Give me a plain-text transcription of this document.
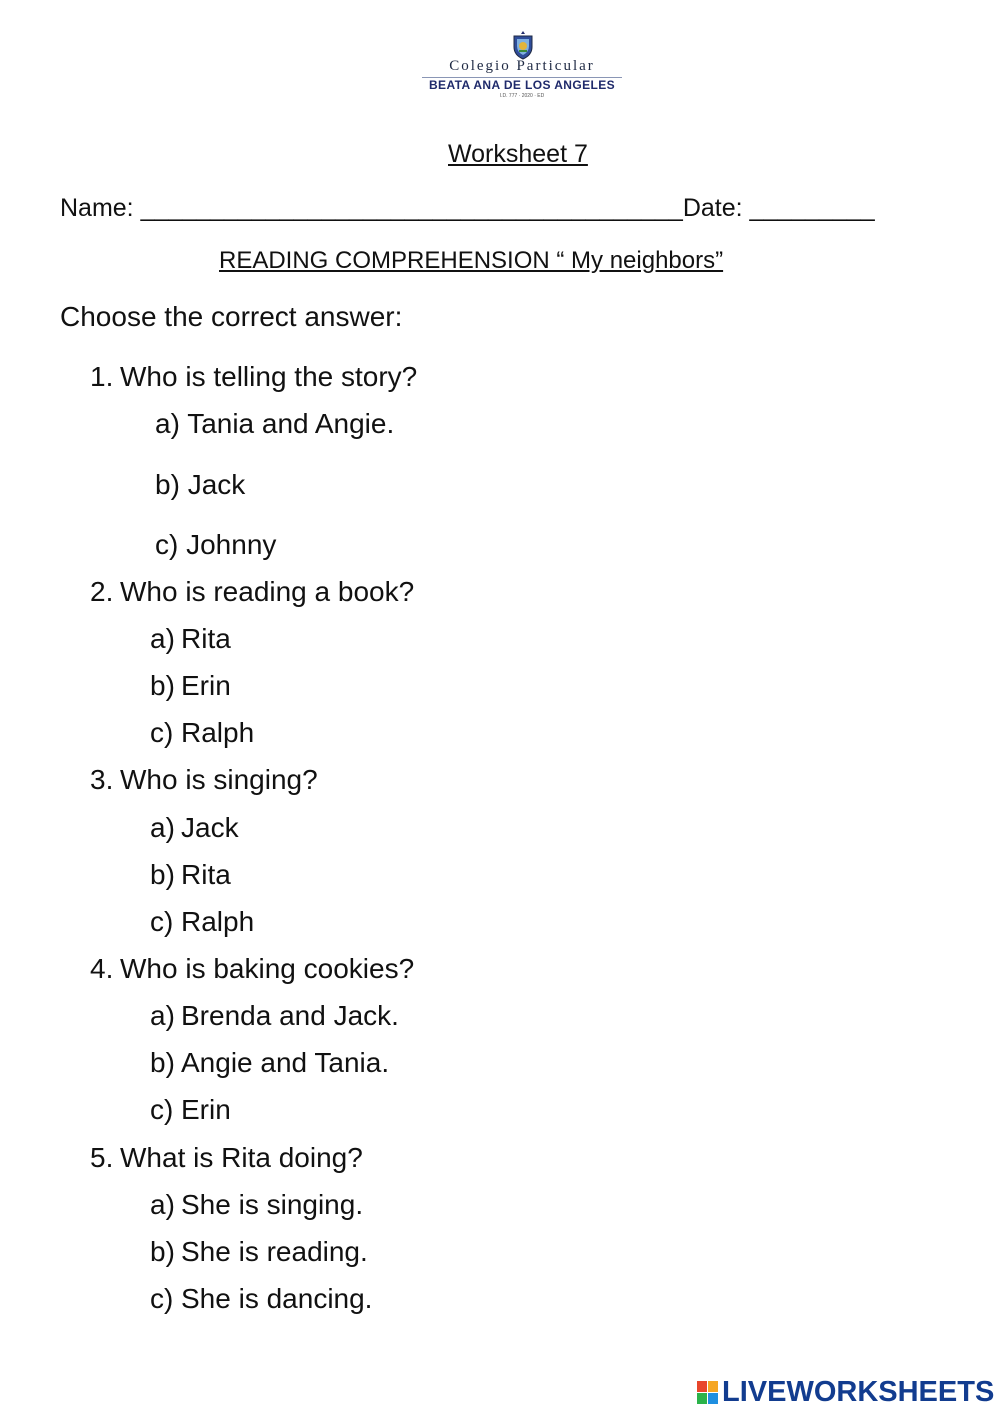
Colegio Particular
BEATA ANA DE LOS ANGELES
I.D. 777 · 2020 · ED
Worksheet 7
Name: _______________________________________Date: _________
READING COMPREHENSION “ My neighbors”
Choose the correct answer:
1. Who is telling the story?
a) Tania and Angie.
b) Jack
c) Johnny
2. Who is reading a book?
a) Rita
b) Erin
c) Ralph
3. Who is singing?
a) Jack
b) Rita
c) Ralph
4. Who is baking cookies?
a) Brenda and Jack.
b) Angie and Tania.
c) Erin
5. What is Rita doing?
a) She is singing.
b) She is reading.
c) She is dancing.
LIVEWORKSHEETS
